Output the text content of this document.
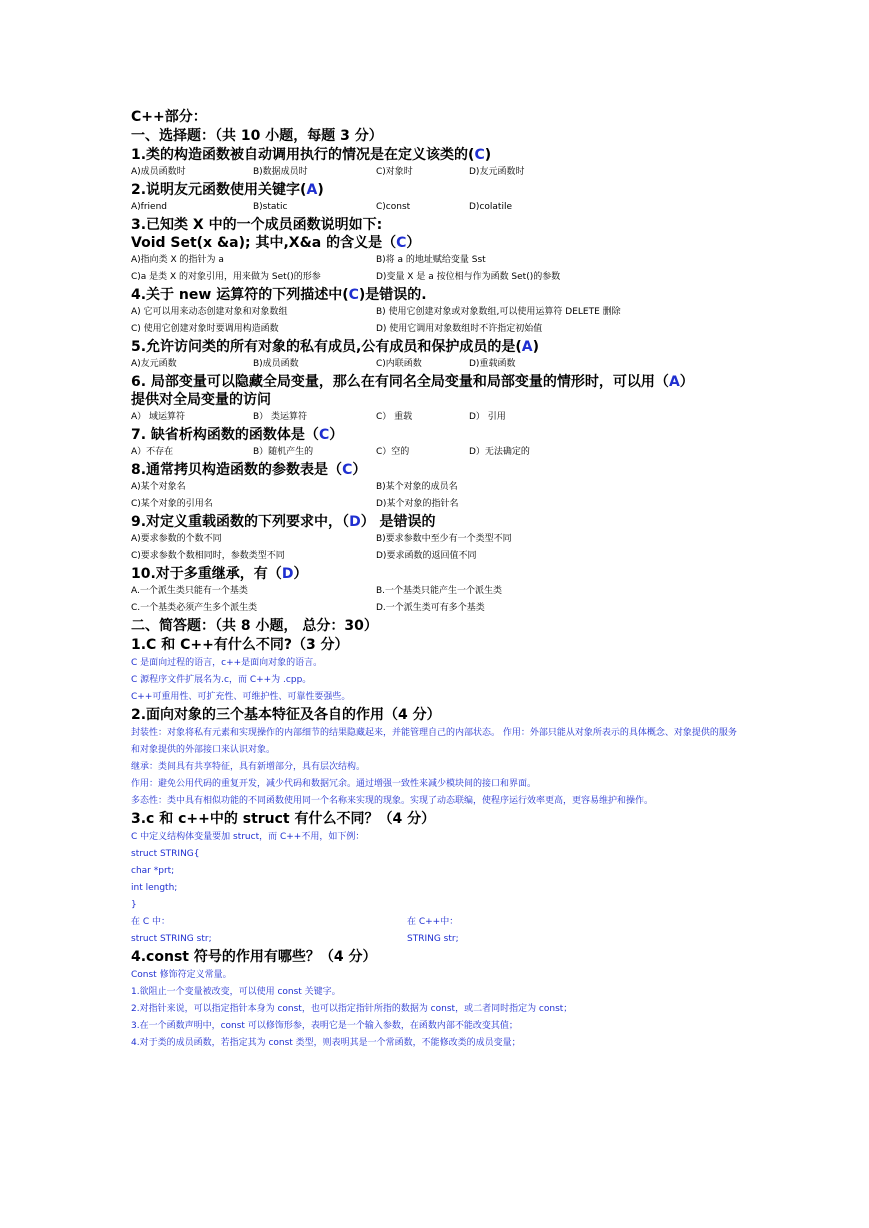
C++部分：
一、选择题：（共 10 小题，每题 3 分）
1.类的构造函数被自动调用执行的情况是在定义该类的(C)
A)成员函数时	B)数据成员时	C)对象时	D)友元函数时
2.说明友元函数使用关键字(A)
A)friend	B)static	C)const	D)colatile
3.已知类 X 中的一个成员函数说明如下:
Void Set(x &a); 其中,X&a 的含义是（C）
A)指向类 X 的指针为 a	B)将 a 的地址赋给变量 Sst
C)a 是类 X 的对象引用，用来做为 Set()的形参	D)变量 X 是 a 按位相与作为函数 Set()的参数
4.关于 new 运算符的下列描述中(C)是错误的.
A) 它可以用来动态创建对象和对象数组	B) 使用它创建对象或对象数组,可以使用运算符 DELETE 删除
C) 使用它创建对象时要调用构造函数	D) 使用它调用对象数组时不许指定初始值
5.允许访问类的所有对象的私有成员,公有成员和保护成员的是(A)
A)友元函数	B)成员函数	C)内联函数	D)重载函数
6. 局部变量可以隐藏全局变量，那么在有同名全局变量和局部变量的情形时，可以用（A）
提供对全局变量的访问
A） 域运算符	B） 类运算符	C） 重载	D） 引用
7. 缺省析构函数的函数体是（C）
A）不存在	B）随机产生的	C）空的	D）无法确定的
8.通常拷贝构造函数的参数表是（C）
A)某个对象名	B)某个对象的成员名
C)某个对象的引用名	D)某个对象的指针名
9.对定义重载函数的下列要求中，（D） 是错误的
A)要求参数的个数不同	B)要求参数中至少有一个类型不同
C)要求参数个数相同时，参数类型不同	D)要求函数的返回值不同
10.对于多重继承，有（D）
A.一个派生类只能有一个基类	B.一个基类只能产生一个派生类
C.一个基类必须产生多个派生类	D.一个派生类可有多个基类
二、简答题：（共 8 小题， 总分：30）
1.C 和 C++有什么不同?（3 分）
C 是面向过程的语言，c++是面向对象的语言。
C 源程序文件扩展名为.c，而 C++为 .cpp。
C++可重用性、可扩充性、可维护性、可靠性要强些。
2.面向对象的三个基本特征及各自的作用（4 分）
封装性：对象将私有元素和实现操作的内部细节的结果隐藏起来，并能管理自己的内部状态。 作用：外部只能从对象所表示的具体概念、对象提供的服务和对象提供的外部接口来认识对象。
继承：类间具有共享特征，具有新增部分，具有层次结构。
作用：避免公用代码的重复开发，减少代码和数据冗余。通过增强一致性来减少模块间的接口和界面。
多态性：类中具有相似功能的不同函数使用同一个名称来实现的现象。实现了动态联编，使程序运行效率更高，更容易维护和操作。
3.c 和 c++中的 struct 有什么不同？（4 分）
C 中定义结构体变量要加 struct，而 C++不用，如下例：
struct STRING{
char *prt;
int length;
}
在 C 中：	在 C++中：
struct STRING str;	STRING str;
4.const 符号的作用有哪些？（4 分）
Const 修饰符定义常量。
1.欲阻止一个变量被改变，可以使用 const 关键字。
2.对指针来说，可以指定指针本身为 const，也可以指定指针所指的数据为 const，或二者同时指定为 const；
3.在一个函数声明中，const 可以修饰形参，表明它是一个输入参数，在函数内部不能改变其值；
4.对于类的成员函数，若指定其为 const 类型，则表明其是一个常函数，不能修改类的成员变量；
